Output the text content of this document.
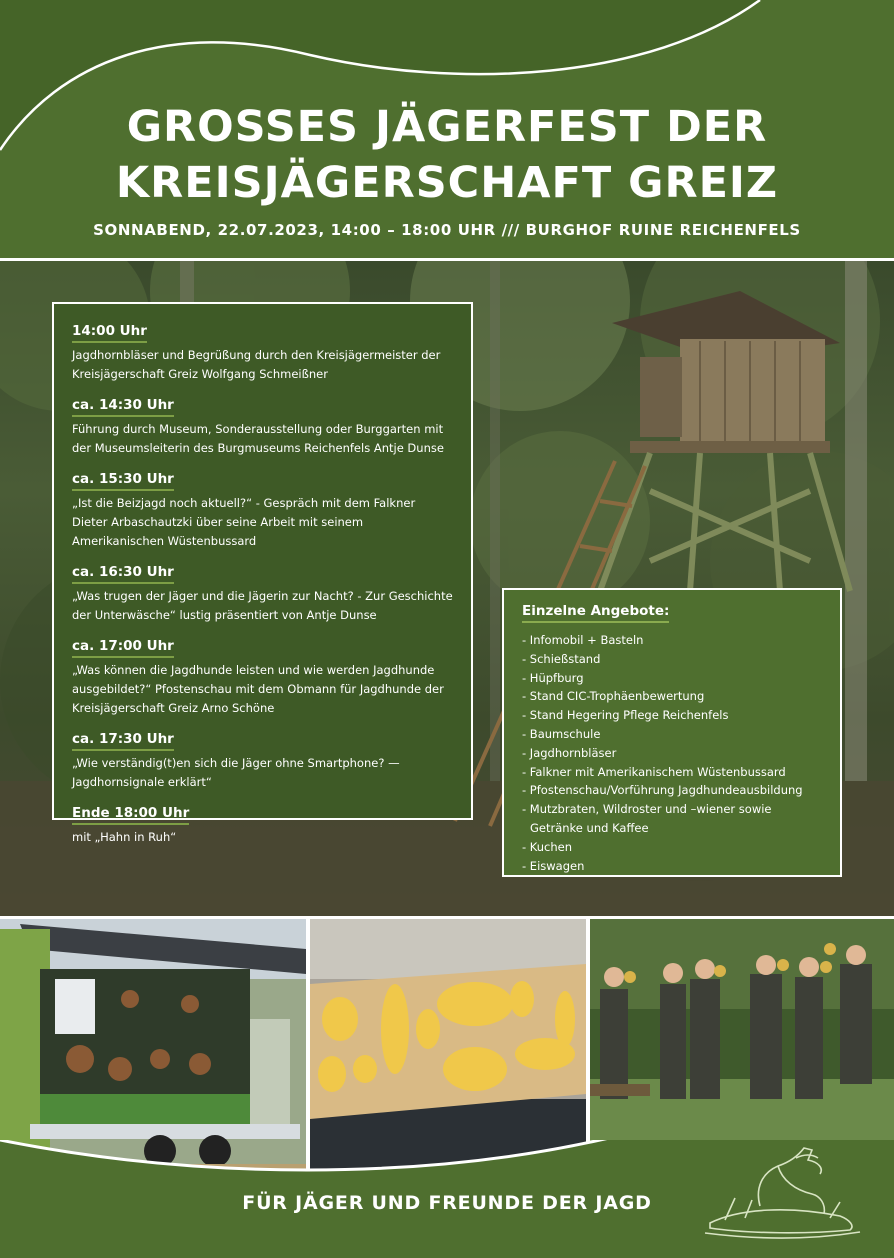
GROSSES JÄGERFEST DER
KREISJÄGERSCHAFT GREIZ
SONNABEND, 22.07.2023, 14:00 – 18:00 UHR /// BURGHOF RUINE REICHENFELS
14:00 Uhr
Jagdhornbläser und Begrüßung durch den Kreisjägermeister der Kreisjägerschaft Greiz Wolfgang Schmeißner
ca. 14:30 Uhr
Führung durch Museum, Sonderausstellung oder Burggarten mit der Museumsleiterin des Burgmuseums Reichenfels Antje Dunse
ca. 15:30 Uhr
„Ist die Beizjagd noch aktuell?“ - Gespräch mit dem Falkner Dieter Arbaschautzki über seine Arbeit mit seinem Amerikanischen Wüstenbussard
ca. 16:30 Uhr
„Was trugen der Jäger und die Jägerin zur Nacht? - Zur Geschichte der Unterwäsche“ lustig präsentiert von Antje Dunse
ca. 17:00 Uhr
„Was können die Jagdhunde leisten und wie werden Jagdhunde ausgebildet?“ Pfostenschau mit dem Obmann für Jagdhunde der Kreisjägerschaft Greiz Arno Schöne
ca. 17:30 Uhr
„Wie verständig(t)en sich die Jäger ohne Smartphone? — Jagdhornsignale erklärt“
Ende 18:00 Uhr
mit „Hahn in Ruh“
Einzelne Angebote:
- Infomobil + Basteln
- Schießstand
- Hüpfburg
- Stand CIC-Trophäenbewertung
- Stand Hegering Pflege Reichenfels
- Baumschule
- Jagdhornbläser
- Falkner mit Amerikanischem Wüstenbussard
- Pfostenschau/Vorführung Jagdhundeausbildung
- Mutzbraten, Wildroster und –wiener sowie
Getränke und Kaffee
- Kuchen
- Eiswagen
FÜR JÄGER UND FREUNDE DER JAGD
